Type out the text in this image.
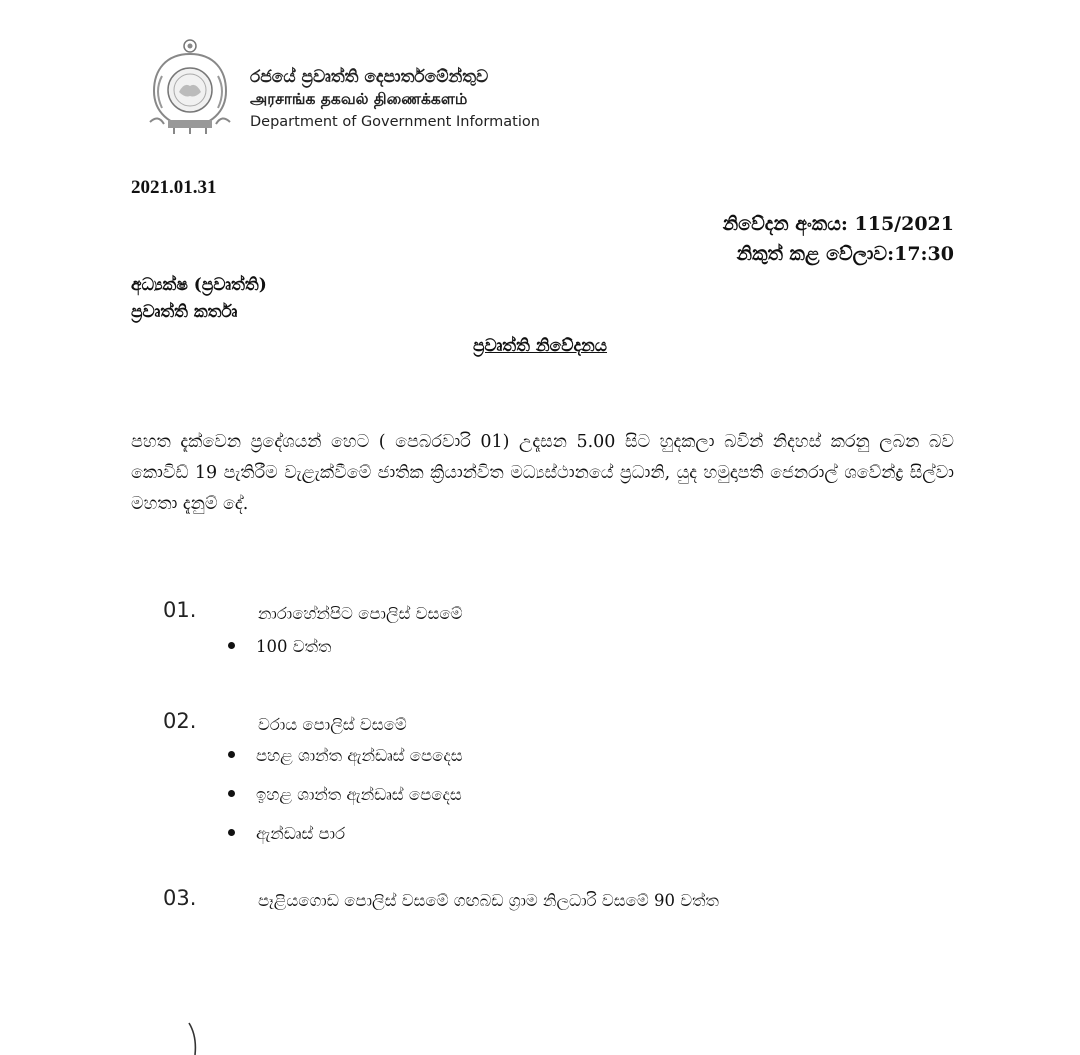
රජයේ ප්‍රවෘත්ති දෙපාර්තමේන්තුව
அரசாங்க தகவல் திணைக்களம்
Department of Government Information
2021.01.31
නිවේදන අංකය: 115/2021
නිකුත් කළ වේලාව:17:30
අධ්‍යක්ෂ (ප්‍රවෘත්ති)
ප්‍රවෘත්ති කර්තෘ
ප්‍රවෘත්ති නිවේදනය
පහත දැක්වෙන ප්‍රදේශයන් හෙට ( පෙබරවාරි 01) උදෑසන 5.00 සිට හුදකලා බවින් නිදහස් කරනු ලබන බව කොවිඩ් 19 පැතිරීම වැළැක්වීමේ ජාතික ක්‍රියාන්විත මධ්‍යස්ථානයේ ප්‍රධානි, යුද හමුදාපති ජෙනරාල් ශවේන්ද්‍ර සිල්වා මහතා දැනුම් දේ.
01.	නාරාහේන්පිට පොලිස් වසමේ
100 වත්ත
02.	වරාය පොලිස් වසමේ
පහළ ශාන්ත ඇන්ඩෘස් පෙදෙස
ඉහළ ශාන්ත ඇන්ඩෘස් පෙදෙස
ඇන්ඩෘස් පාර
03.	පෑළියගොඩ පොලිස් වසමේ ගඟබඩ ග්‍රාම නිලධාරි වසමේ 90 වත්ත
